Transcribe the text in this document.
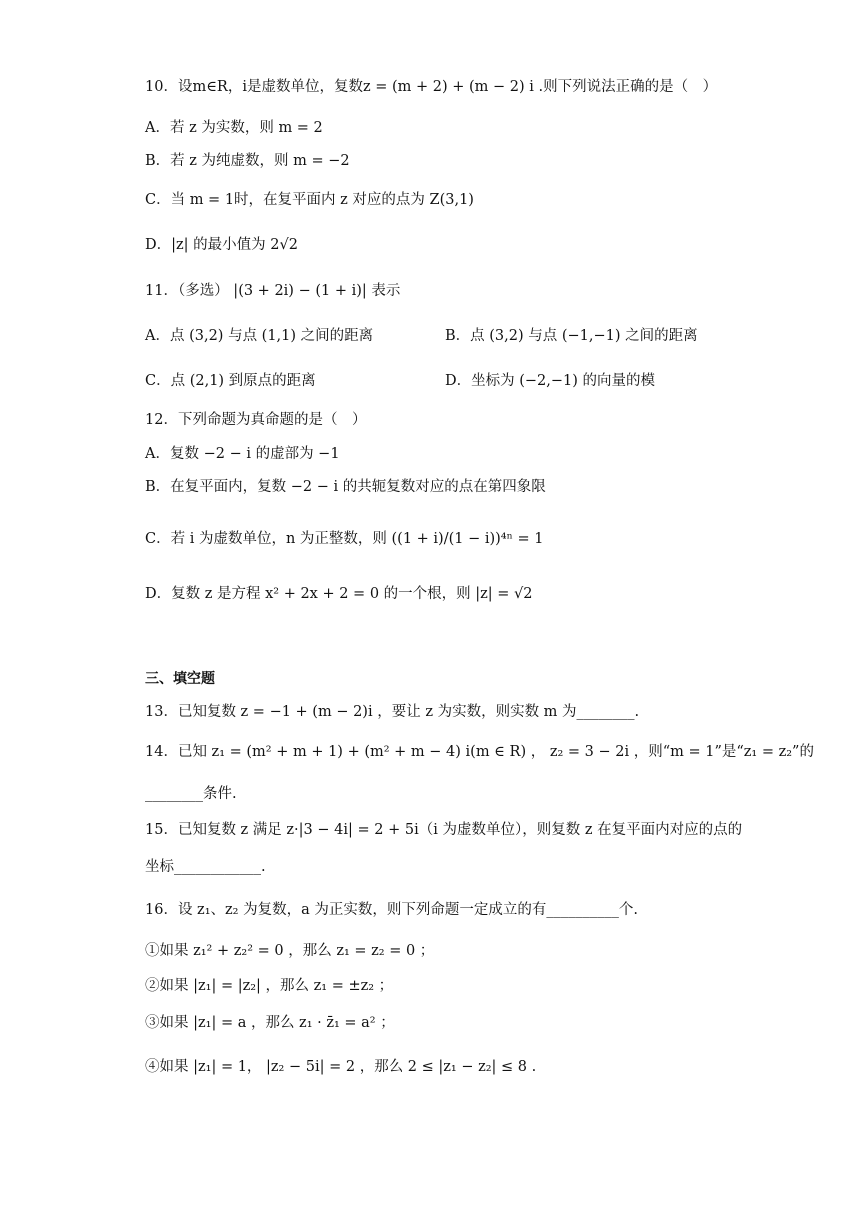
10．设m∈R，i是虚数单位，复数z = (m + 2) + (m − 2) i .则下列说法正确的是（　）
A．若 z 为实数，则 m = 2
B．若 z 为纯虚数，则 m = −2
C．当 m = 1时，在复平面内 z 对应的点为 Z(3,1)
D．|z| 的最小值为 2√2
11．（多选） |(3 + 2i) − (1 + i)| 表示
A．点 (3,2) 与点 (1,1) 之间的距离	B．点 (3,2) 与点 (−1,−1) 之间的距离
C．点 (2,1) 到原点的距离	D．坐标为 (−2,−1) 的向量的模
12．下列命题为真命题的是（　）
A．复数 −2 − i 的虚部为 −1
B．在复平面内，复数 −2 − i 的共轭复数对应的点在第四象限
C．若 i 为虚数单位，n 为正整数，则 ((1 + i)/(1 − i))⁴ⁿ = 1
D．复数 z 是方程 x² + 2x + 2 = 0 的一个根，则 |z| = √2
三、填空题
13．已知复数 z = −1 + (m − 2)i ，要让 z 为实数，则实数 m 为________.
14．已知 z₁ = (m² + m + 1) + (m² + m − 4) i(m ∈ R) ， z₂ = 3 − 2i ，则“m = 1”是“z₁ = z₂”的
________条件.
15．已知复数 z 满足 z·|3 − 4i| = 2 + 5i（i 为虚数单位），则复数 z 在复平面内对应的点的
坐标____________.
16．设 z₁、z₂ 为复数，a 为正实数，则下列命题一定成立的有__________个.
①如果 z₁² + z₂² = 0 ，那么 z₁ = z₂ = 0 ；
②如果 |z₁| = |z₂| ，那么 z₁ = ±z₂ ；
③如果 |z₁| = a ，那么 z₁ · z̄₁ = a² ；
④如果 |z₁| = 1， |z₂ − 5i| = 2 ，那么 2 ≤ |z₁ − z₂| ≤ 8 .
